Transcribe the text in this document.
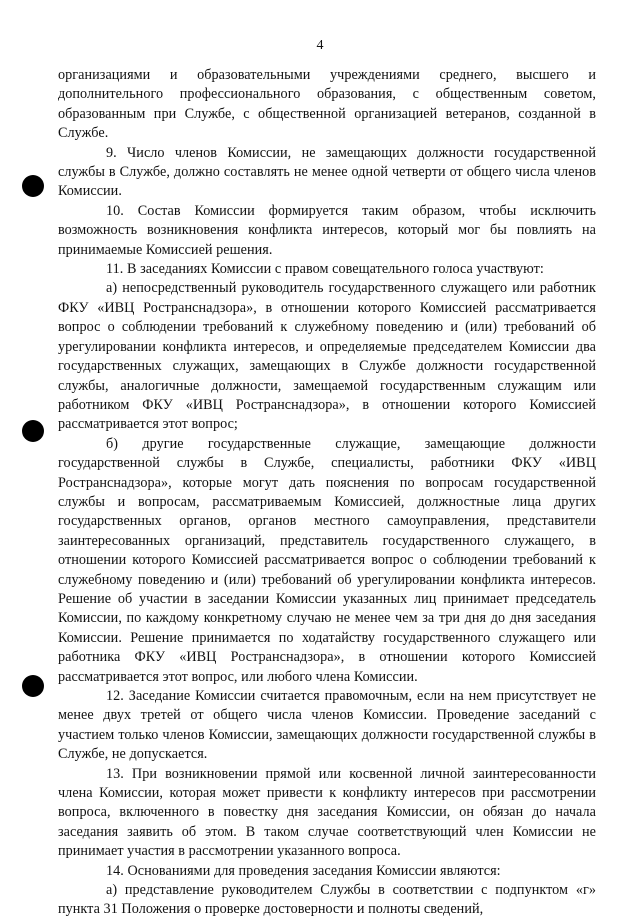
4

организациями и образовательными учреждениями среднего, высшего и дополнительного профессионального образования, с общественным советом, образованным при Службе, с общественной организацией ветеранов, созданной в Службе.

9. Число членов Комиссии, не замещающих должности государственной службы в Службе, должно составлять не менее одной четверти от общего числа членов Комиссии.

10. Состав Комиссии формируется таким образом, чтобы исключить возможность возникновения конфликта интересов, который мог бы повлиять на принимаемые Комиссией решения.

11. В заседаниях Комиссии с правом совещательного голоса участвуют:

а) непосредственный руководитель государственного служащего или работник ФКУ «ИВЦ Ространснадзора», в отношении которого Комиссией рассматривается вопрос о соблюдении требований к служебному поведению и (или) требований об урегулировании конфликта интересов, и определяемые председателем Комиссии два государственных служащих, замещающих в Службе должности государственной службы, аналогичные должности, замещаемой государственным служащим или работником ФКУ «ИВЦ Ространснадзора», в отношении которого Комиссией рассматривается этот вопрос;

б) другие государственные служащие, замещающие должности государственной службы в Службе, специалисты, работники ФКУ «ИВЦ Ространснадзора», которые могут дать пояснения по вопросам государственной службы и вопросам, рассматриваемым Комиссией, должностные лица других государственных органов, органов местного самоуправления, представители заинтересованных организаций, представитель государственного служащего, в отношении которого Комиссией рассматривается вопрос о соблюдении требований к служебному поведению и (или) требований об урегулировании конфликта интересов. Решение об участии в заседании Комиссии указанных лиц принимает председатель Комиссии, по каждому конкретному случаю не менее чем за три дня до дня заседания Комиссии. Решение принимается по ходатайству государственного служащего или работника ФКУ «ИВЦ Ространснадзора», в отношении которого Комиссией рассматривается этот вопрос, или любого члена Комиссии.

12. Заседание Комиссии считается правомочным, если на нем присутствует не менее двух третей от общего числа членов Комиссии. Проведение заседаний с участием только членов Комиссии, замещающих должности государственной службы в Службе, не допускается.

13. При возникновении прямой или косвенной личной заинтересованности члена Комиссии, которая может привести к конфликту интересов при рассмотрении вопроса, включенного в повестку дня заседания Комиссии, он обязан до начала заседания заявить об этом. В таком случае соответствующий член Комиссии не принимает участия в рассмотрении указанного вопроса.

14. Основаниями для проведения заседания Комиссии являются:

а) представление руководителем Службы в соответствии с подпунктом «г» пункта 31 Положения о проверке достоверности и полноты сведений,
